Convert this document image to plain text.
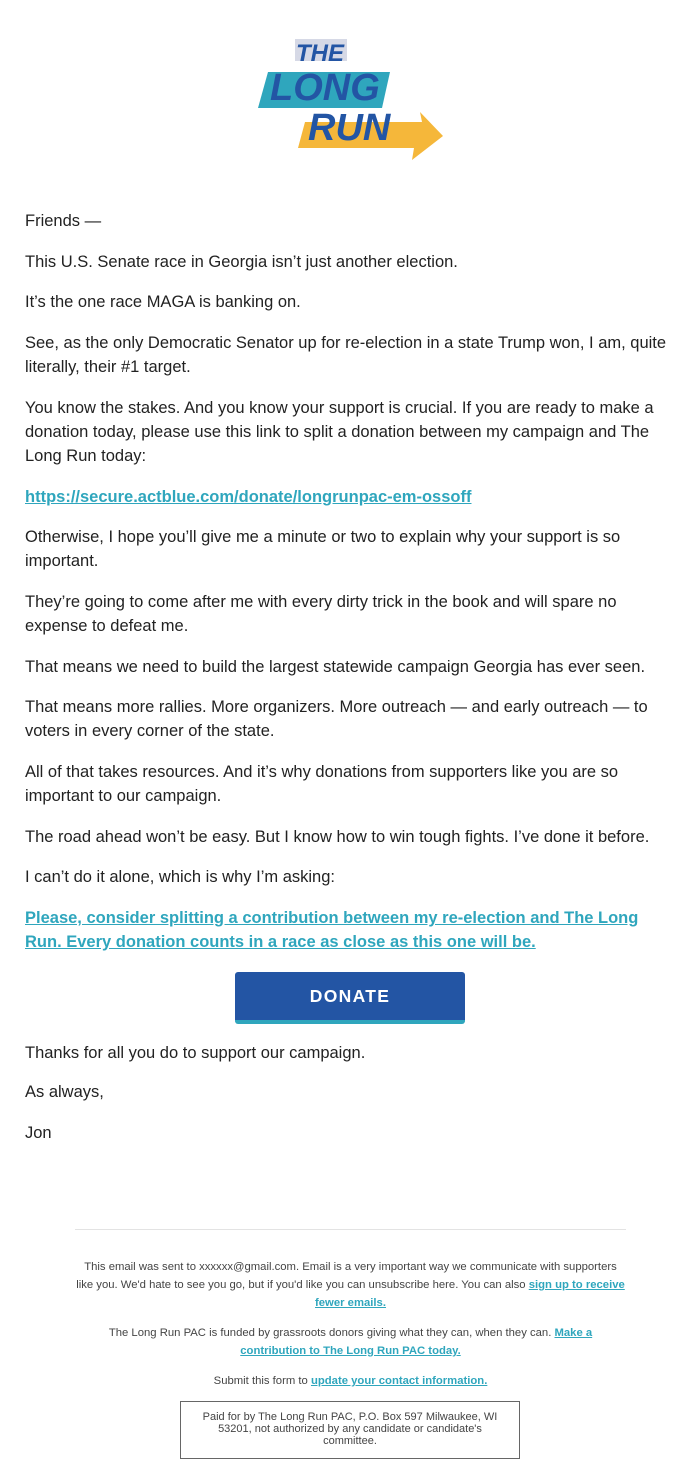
THE
LONG
RUN

Friends —

This U.S. Senate race in Georgia isn’t just another election.

It’s the one race MAGA is banking on.

See, as the only Democratic Senator up for re-election in a state Trump won, I am, quite literally, their #1 target.

You know the stakes. And you know your support is crucial. If you are ready to make a donation today, please use this link to split a donation between my campaign and The Long Run today:

https://secure.actblue.com/donate/longrunpac-em-ossoff

Otherwise, I hope you’ll give me a minute or two to explain why your support is so important.

They’re going to come after me with every dirty trick in the book and will spare no expense to defeat me.

That means we need to build the largest statewide campaign Georgia has ever seen.

That means more rallies. More organizers. More outreach — and early outreach — to voters in every corner of the state.

All of that takes resources. And it’s why donations from supporters like you are so important to our campaign.

The road ahead won’t be easy. But I know how to win tough fights. I’ve done it before.

I can’t do it alone, which is why I’m asking:

Please, consider splitting a contribution between my re-election and The Long Run. Every donation counts in a race as close as this one will be.

DONATE

Thanks for all you do to support our campaign.

As always,

Jon

This email was sent to xxxxxx@gmail.com. Email is a very important way we communicate with supporters like you. We'd hate to see you go, but if you'd like you can unsubscribe here. You can also sign up to receive fewer emails.

The Long Run PAC is funded by grassroots donors giving what they can, when they can. Make a contribution to The Long Run PAC today.

Submit this form to update your contact information.

Paid for by The Long Run PAC, P.O. Box 597 Milwaukee, WI 53201, not authorized by any candidate or candidate's committee.
